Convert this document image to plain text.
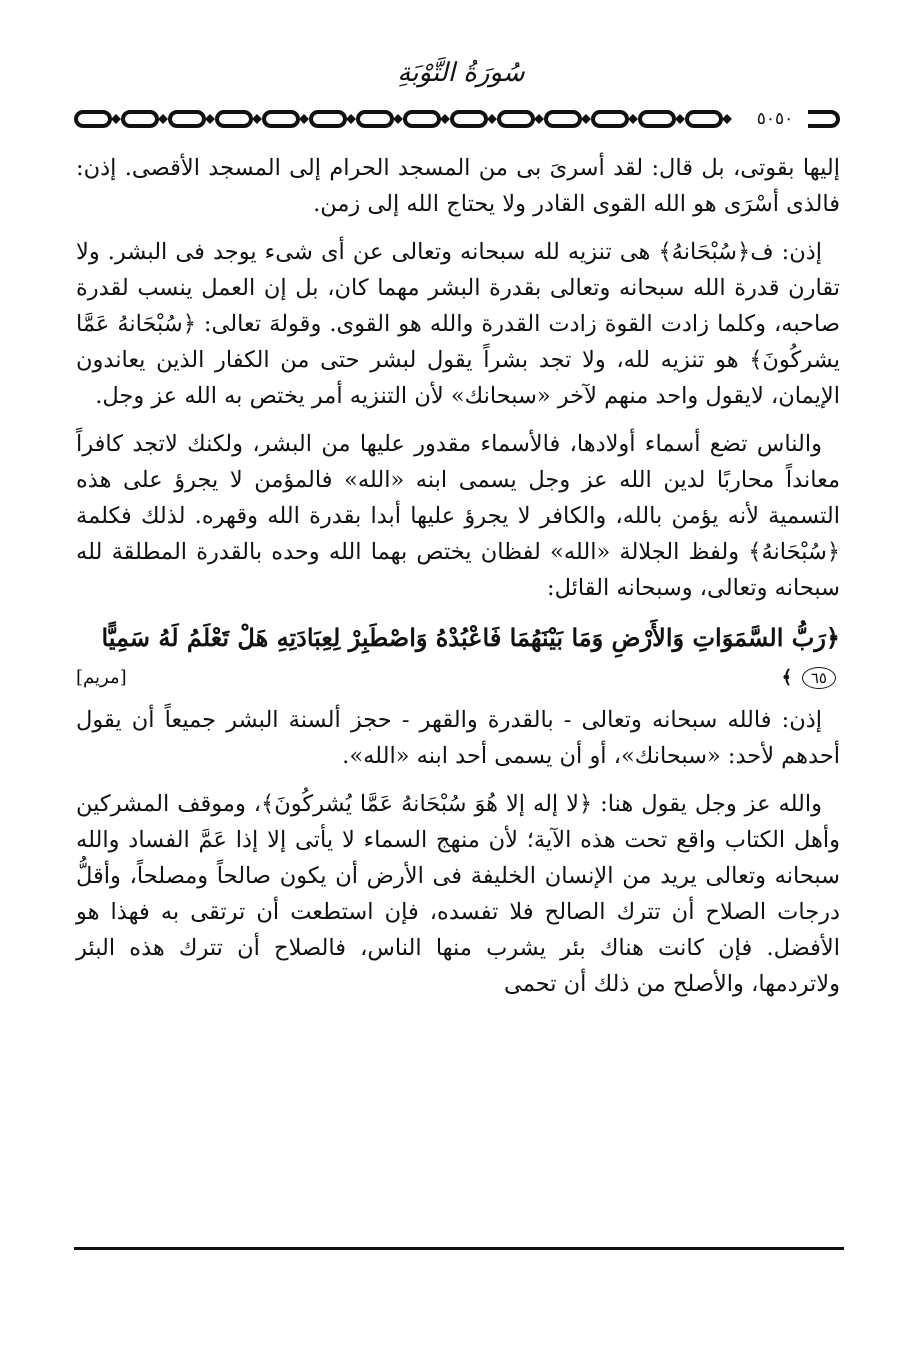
سُورَةُ التَّوْبَةِ
٥٠٥٠

إليها بقوتى، بل قال: لقد أسرىَ بى من المسجد الحرام إلى المسجد الأقصى. إذن: فالذى أسْرَى هو الله القوى القادر ولا يحتاج الله إلى زمن.

إذن: ف﴿سُبْحَانهُ﴾ هى تنزيه لله سبحانه وتعالى عن أى شىء يوجد فى البشر. ولا تقارن قدرة الله سبحانه وتعالى بقدرة البشر مهما كان، بل إن العمل ينسب لقدرة صاحبه، وكلما زادت القوة زادت القدرة والله هو القوى. وقولهَ تعالى: ﴿سُبْحَانهُ عَمَّا يشركُونَ﴾ هو تنزيه لله، ولا تجد بشراً يقول لبشر حتى من الكفار الذين يعاندون الإيمان، لايقول واحد منهم لآخر «سبحانك» لأن التنزيه أمر يختص به الله عز وجل.

والناس تضع أسماء أولادها، فالأسماء مقدور عليها من البشر، ولكنك لاتجد كافراً معانداً محاربًا لدين الله عز وجل يسمى ابنه «الله» فالمؤمن لا يجرؤ على هذه التسمية لأنه يؤمن بالله، والكافر لا يجرؤ عليها أبدا بقدرة الله وقهره. لذلك فكلمة ﴿سُبْحَانهُ﴾ ولفظ الجلالة «الله» لفظان يختص بهما الله وحده بالقدرة المطلقة لله سبحانه وتعالى، وسبحانه القائل:

﴿رَبُّ السَّمَوَاتِ وَالأَرْضِ وَمَا بَيْنَهُمَا فَاعْبُدْهُ وَاصْطَبِرْ لِعِبَادَتِهِ هَلْ تَعْلَمُ لَهُ سَمِيًّا
٦٥ ﴾
[مريم]

إذن: فالله سبحانه وتعالى - بالقدرة والقهر - حجز ألسنة البشر جميعاً أن يقول أحدهم لأحد: «سبحانك»، أو أن يسمى أحد ابنه «الله».

والله عز وجل يقول هنا: ﴿لا إله إلا هُوَ سُبْحَانهُ عَمَّا يُشركُونَ﴾، وموقف المشركين وأهل الكتاب واقع تحت هذه الآية؛ لأن منهج السماء لا يأتى إلا إذا عَمَّ الفساد والله سبحانه وتعالى يريد من الإنسان الخليفة فى الأرض أن يكون صالحاً ومصلحاً، وأقلُّ درجات الصلاح أن تترك الصالح فلا تفسده، فإن استطعت أن ترتقى به فهذا هو الأفضل. فإن كانت هناك بئر يشرب منها الناس، فالصلاح أن تترك هذه البئر ولاتردمها، والأصلح من ذلك أن تحمى
